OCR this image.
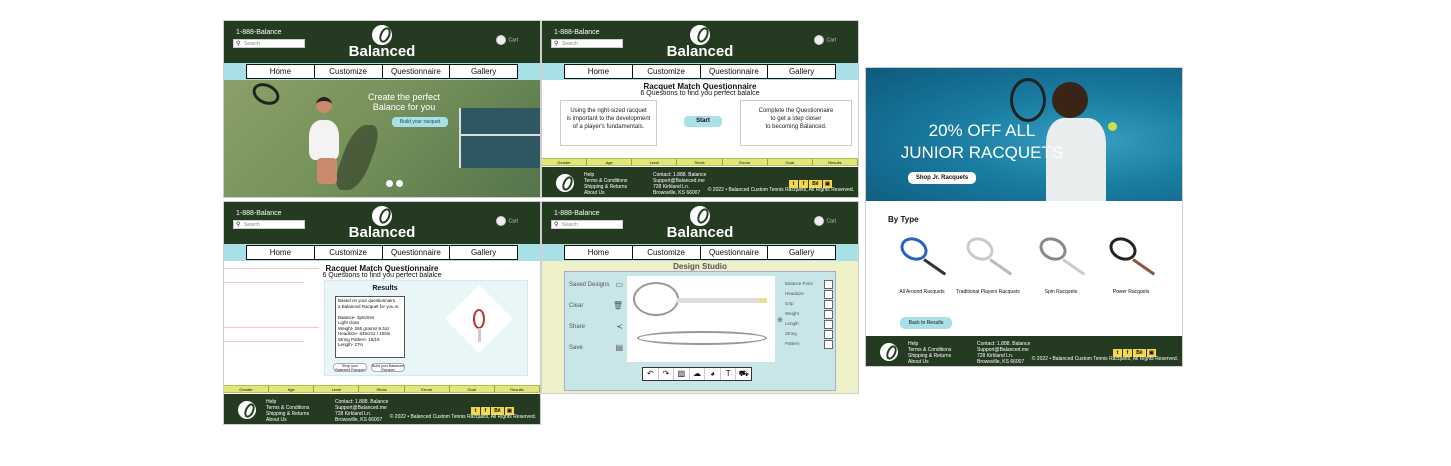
1-888-Balance
⚲ Search	Balanced
Cart
Home	Customize	Questionnaire	Gallery
Create the perfect
Balance for you
Build your racquet
1-888-Balance
⚲ Search	Balanced
Cart
Home	Customize	Questionnaire	Gallery
Racquet Match Questionnaire
6 Questions to find you perfect balalce
Using the right-sized racquet
is important to the development
of a player's fundamentals.
Start
Complete the Questionnaire
to get a step closer
to becoming Balanced.
Gender	Age	Level	Shots	Errors	Goal	Results
Help
Terms & Conditions
Shipping & Returns
About Us
Contact: 1.888. Balance
Support@Balanced.me
728 Kirkland Ln.
Browsville, KS 66007
t f Bē ▣
© 2022 • Balanced Custom Tennis Racquets, All Rights Reserved.
1-888-Balance
⚲ Search	Balanced
Cart
Home	Customize	Questionnaire	Gallery
Racquet Match Questionnaire
6 Questions to find you perfect balalce
Results
Based on your questionnaire,
a Balanced Racquet for you is:

Balance- 3pts/mm
Light class
Weight- 265 grams/ 9.3oz
Headsize- 645cm2 / 100in
String Pattern- 16/19
Length- 27in
Shop your Balanced Racquet
Build your Balanced Racquet
Gender	Age	Level	Shots	Errors	Goal	Results
Help
Terms & Conditions
Shipping & Returns
About Us
Contact: 1.888. Balance
Support@Balanced.me
728 Kirkland Ln.
Browsville, KS 66007
t f Bē ▣
© 2022 • Balanced Custom Tennis Racquets, All Rights Reserved.
1-888-Balance
⚲ Search	Balanced
Cart
Home	Customize	Questionnaire	Gallery
Design Studio
Saved Designs ▭
Clear	🗑
Share	≺
Save	▤
⊕
Balance Point
Headsize
Grip
Weight
Length
String
Pattern
↶	↷	▨ ☁	◕	T	⛟
20% OFF ALL
JUNIOR RACQUETS
Shop Jr. Racquets
By Type
All Around Racquets	Traditional Players Racquets	Spin Racquets	Power Racquets
Back to Results
Help
Terms & Conditions
Shipping & Returns
About Us
Contact: 1.888. Balance
Support@Balanced.me
728 Kirkland Ln.
Browsville, KS 66007
t f Bē ▣
© 2022 • Balanced Custom Tennis Racquets, All Rights Reserved.
